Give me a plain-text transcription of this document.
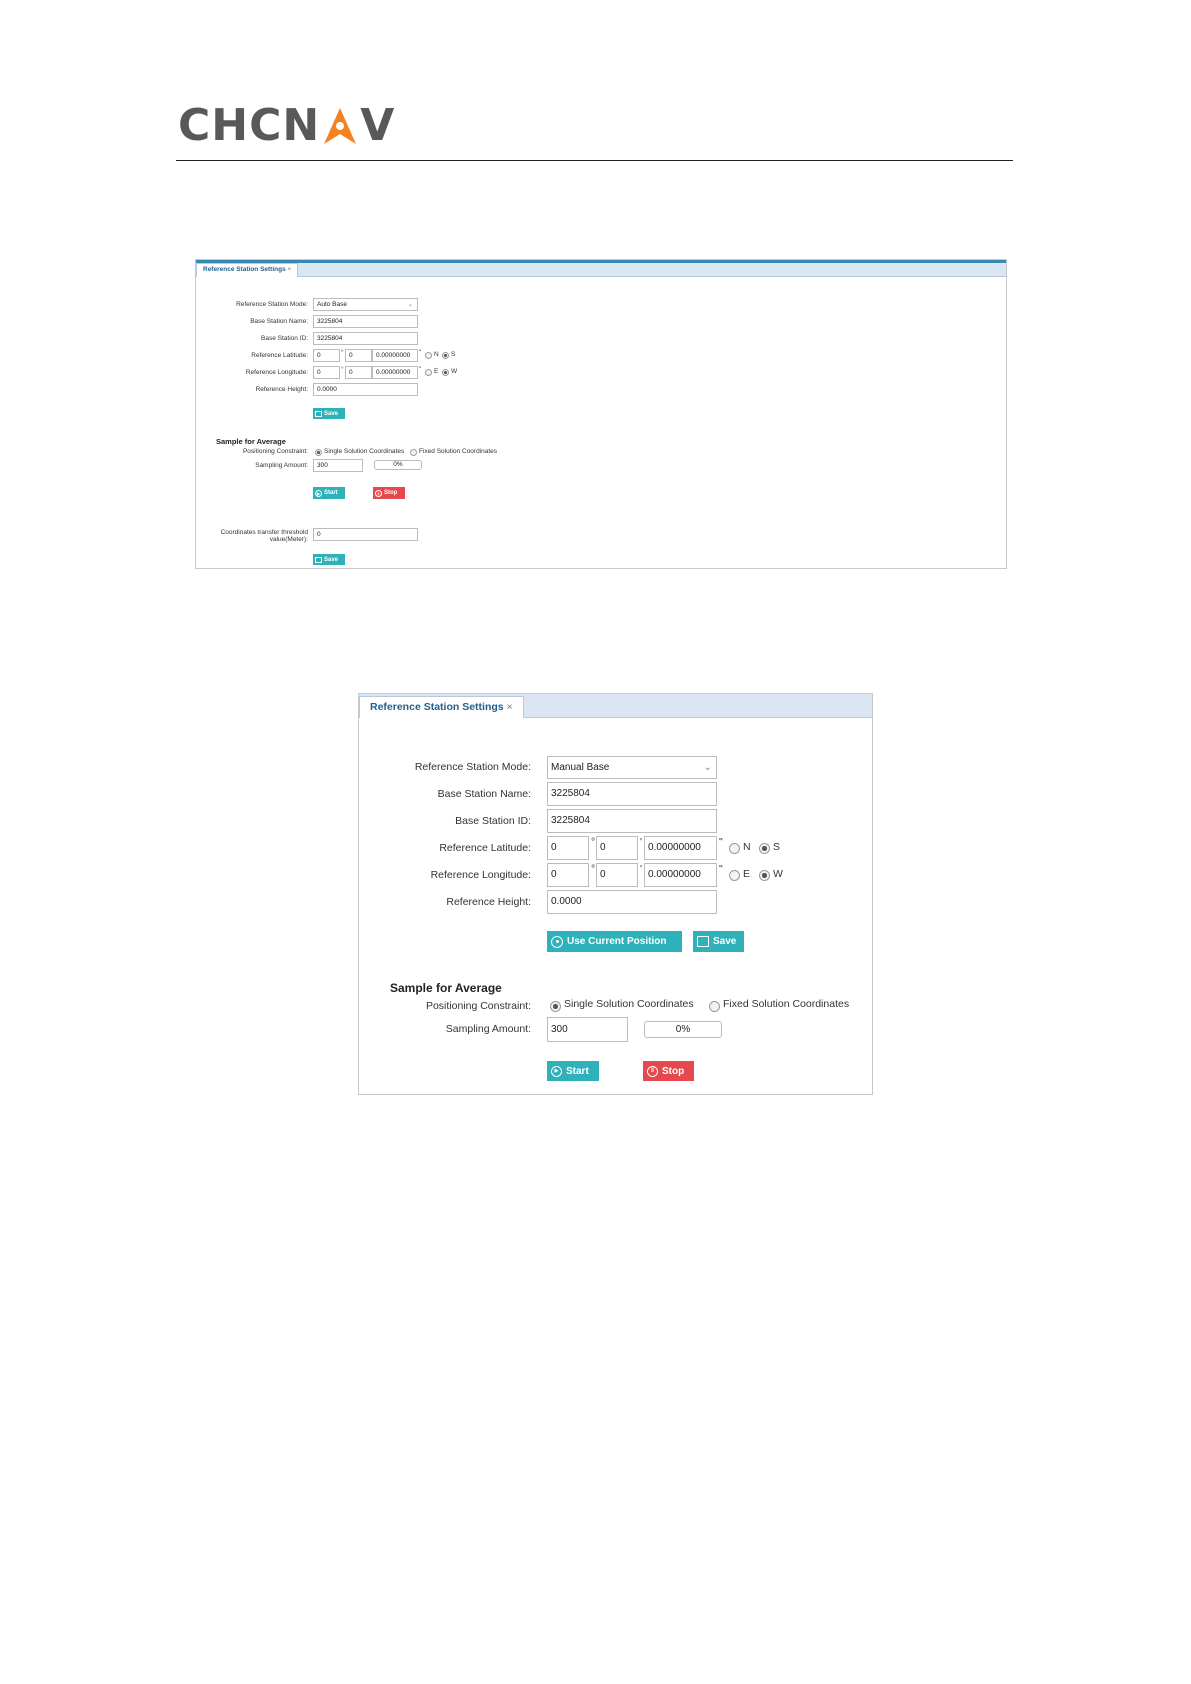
CHCN V
Reference Station Settings ×
Reference Station Mode:	Auto Base	⌄
Base Station Name:	3225804
Base Station ID:	3225804
Reference Latitude:	0	° 0	0.00000000	" N S
Reference Longitude:	0	° 0	0.00000000	" E W
Reference Height:	0.0000
Save
Sample for Average
Positioning Constraint: Single Solution Coordinates Fixed Solution Coordinates
Sampling Amount:	300	0%
▶ Start	‖ Stop
Coordinates transfer threshold
value(Meter):
0
Save
Reference Station Settings ×
Reference Station Mode:	Manual Base	⌄
Base Station Name:	3225804
Base Station ID:	3225804
Reference Latitude:	0	° 0	' 0.00000000	" N S
Reference Longitude:	0	° 0	' 0.00000000	" E W
Reference Height:	0.0000
Use Current Position	Save
Sample for Average
Positioning Constraint:	Single Solution Coordinates	Fixed Solution Coordinates
Sampling Amount:	300	0%
▶ Start	‖ Stop
